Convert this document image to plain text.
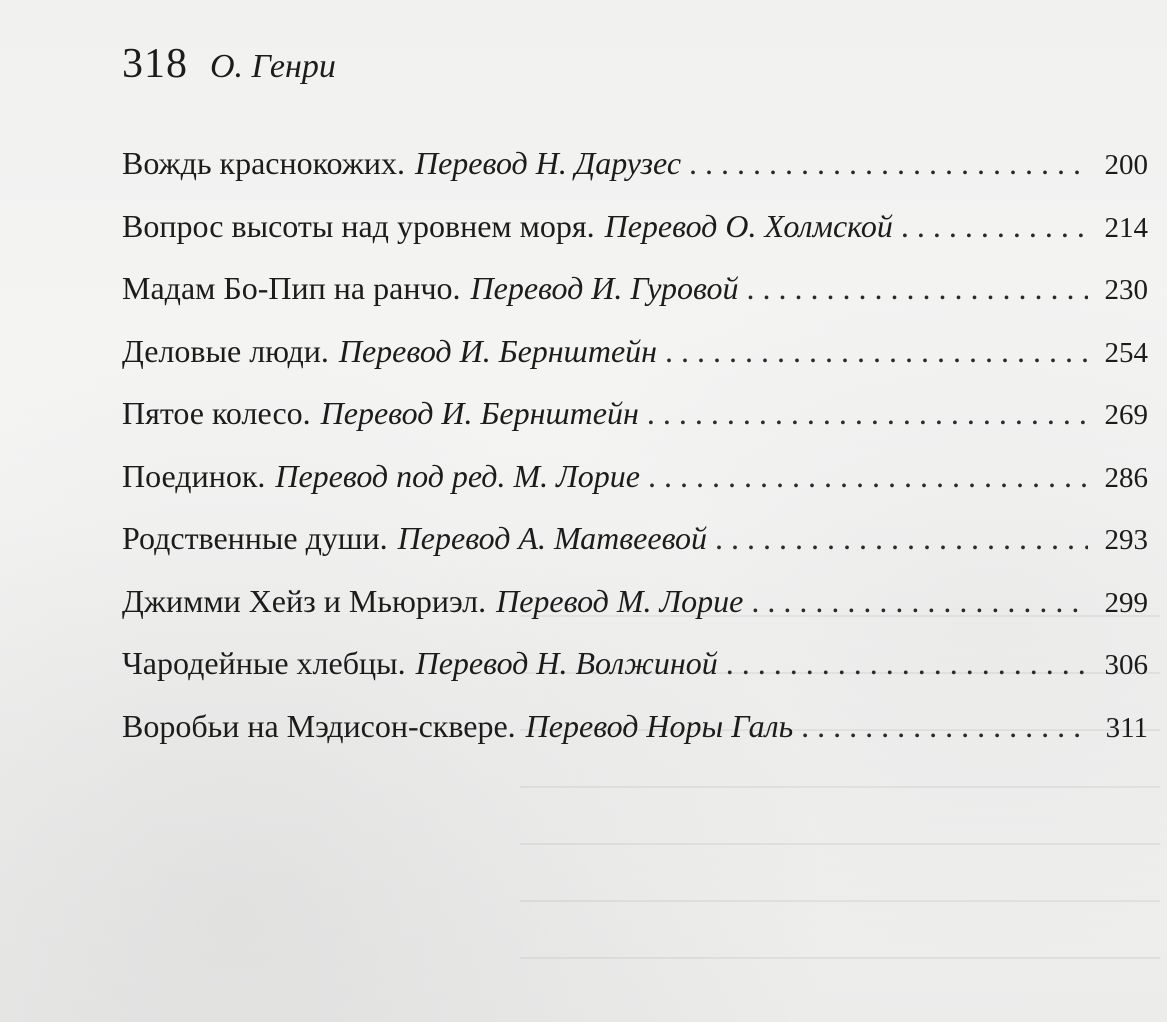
318 О. Генри
Вождь краснокожих. Перевод Н. Дарузес . . .	200
Вопрос высоты над уровнем моря. Перевод О. Холмской . . .	214
Мадам Бо-Пип на ранчо. Перевод И. Гуровой . . .	230
Деловые люди. Перевод И. Бернштейн . . .	254
Пятое колесо. Перевод И. Бернштейн . . .	269
Поединок. Перевод под ред. М. Лорие . . .	286
Родственные души. Перевод А. Матвеевой . . .	293
Джимми Хейз и Мьюриэл. Перевод М. Лорие . . .	299
Чародейные хлебцы. Перевод Н. Волжиной . . .	306
Воробьи на Мэдисон-сквере. Перевод Норы Галь . . .	311
